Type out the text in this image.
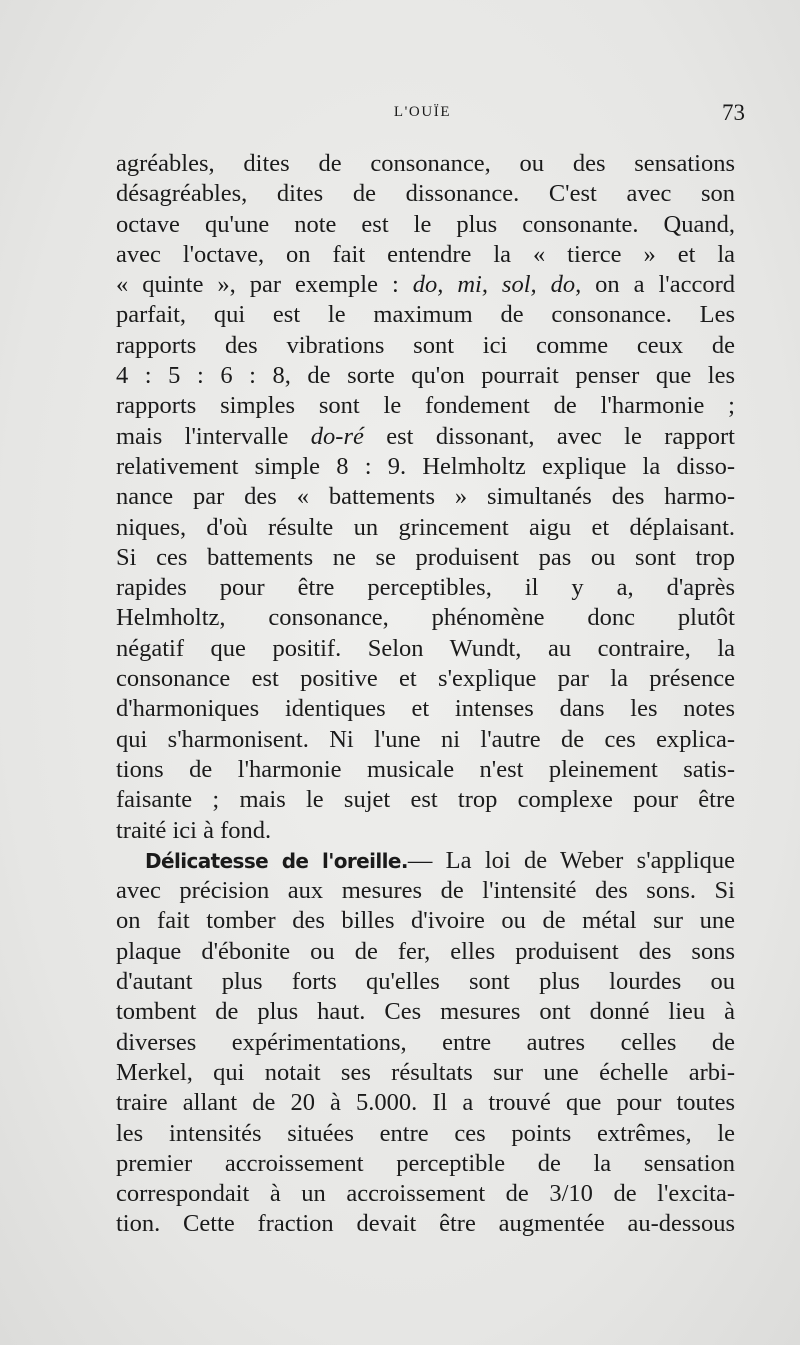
L'OUÏE	73
agréables, dites de consonance, ou des sensations
désagréables, dites de dissonance. C'est avec son
octave qu'une note est le plus consonante. Quand,
avec l'octave, on fait entendre la « tierce » et la
« quinte », par exemple : do, mi, sol, do, on a l'accord
parfait, qui est le maximum de consonance. Les
rapports des vibrations sont ici comme ceux de
4 : 5 : 6 : 8, de sorte qu'on pourrait penser que les
rapports simples sont le fondement de l'harmonie ;
mais l'intervalle do-ré est dissonant, avec le rapport
relativement simple 8 : 9. Helmholtz explique la disso-
nance par des « battements » simultanés des harmo-
niques, d'où résulte un grincement aigu et déplaisant.
Si ces battements ne se produisent pas ou sont trop
rapides pour être perceptibles, il y a, d'après
Helmholtz, consonance, phénomène donc plutôt
négatif que positif. Selon Wundt, au contraire, la
consonance est positive et s'explique par la présence
d'harmoniques identiques et intenses dans les notes
qui s'harmonisent. Ni l'une ni l'autre de ces explica-
tions de l'harmonie musicale n'est pleinement satis-
faisante ; mais le sujet est trop complexe pour être
traité ici à fond.
Délicatesse de l'oreille.— La loi de Weber s'applique
avec précision aux mesures de l'intensité des sons. Si
on fait tomber des billes d'ivoire ou de métal sur une
plaque d'ébonite ou de fer, elles produisent des sons
d'autant plus forts qu'elles sont plus lourdes ou
tombent de plus haut. Ces mesures ont donné lieu à
diverses expérimentations, entre autres celles de
Merkel, qui notait ses résultats sur une échelle arbi-
traire allant de 20 à 5.000. Il a trouvé que pour toutes
les intensités situées entre ces points extrêmes, le
premier accroissement perceptible de la sensation
correspondait à un accroissement de 3/10 de l'excita-
tion. Cette fraction devait être augmentée au-dessous
